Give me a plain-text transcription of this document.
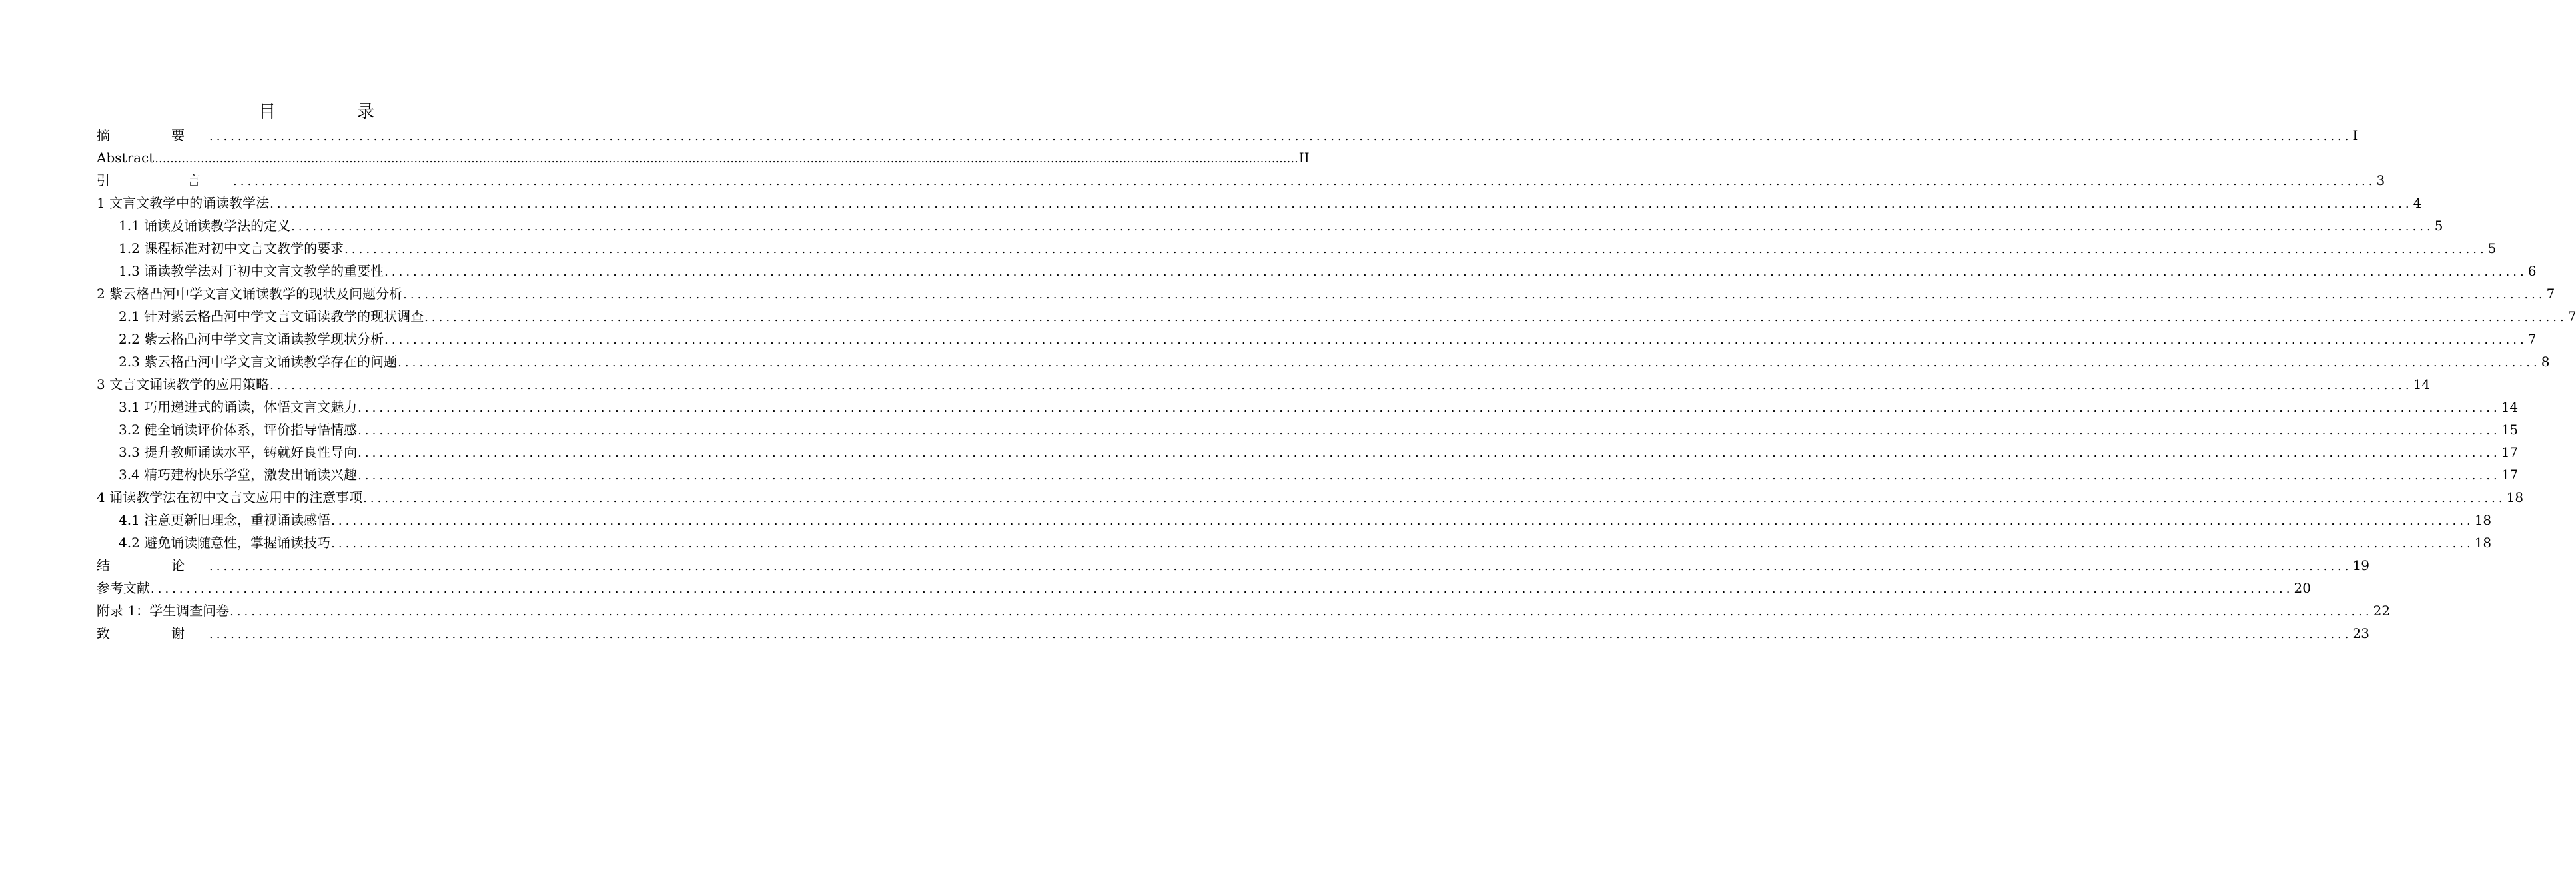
目　录
摘　要 ............................................................................................................................................................................................................................................................................................................ I
Abstract ............................................................................................................................................................................................................................................................................................................ II
引　言 ............................................................................................................................................................................................................................................................................................................ 3
1 文言文教学中的诵读教学法 ............................................................................................................................................................................................................................................................................................................ 4
1.1 诵读及诵读教学法的定义 ............................................................................................................................................................................................................................................................................................................ 5
1.2 课程标准对初中文言文教学的要求 ............................................................................................................................................................................................................................................................................................................ 5
1.3 诵读教学法对于初中文言文教学的重要性 ............................................................................................................................................................................................................................................................................................................ 6
2 紫云格凸河中学文言文诵读教学的现状及问题分析 ............................................................................................................................................................................................................................................................................................................ 7
2.1 针对紫云格凸河中学文言文诵读教学的现状调查 ............................................................................................................................................................................................................................................................................................................ 7
2.2 紫云格凸河中学文言文诵读教学现状分析 ............................................................................................................................................................................................................................................................................................................ 7
2.3 紫云格凸河中学文言文诵读教学存在的问题 ............................................................................................................................................................................................................................................................................................................ 8
3 文言文诵读教学的应用策略 ............................................................................................................................................................................................................................................................................................................ 14
3.1 巧用递进式的诵读，体悟文言文魅力 ............................................................................................................................................................................................................................................................................................................ 14
3.2 健全诵读评价体系，评价指导悟情感 ............................................................................................................................................................................................................................................................................................................ 15
3.3 提升教师诵读水平，铸就好良性导向 ............................................................................................................................................................................................................................................................................................................ 17
3.4 精巧建构快乐学堂，激发出诵读兴趣 ............................................................................................................................................................................................................................................................................................................ 17
4 诵读教学法在初中文言文应用中的注意事项 ............................................................................................................................................................................................................................................................................................................ 18
4.1 注意更新旧理念，重视诵读感悟 ............................................................................................................................................................................................................................................................................................................ 18
4.2 避免诵读随意性，掌握诵读技巧 ............................................................................................................................................................................................................................................................................................................ 18
结　论 ............................................................................................................................................................................................................................................................................................................ 19
参考文献 ............................................................................................................................................................................................................................................................................................................ 20
附录 1：学生调查问卷 ............................................................................................................................................................................................................................................................................................................ 22
致　谢 ............................................................................................................................................................................................................................................................................................................ 23
